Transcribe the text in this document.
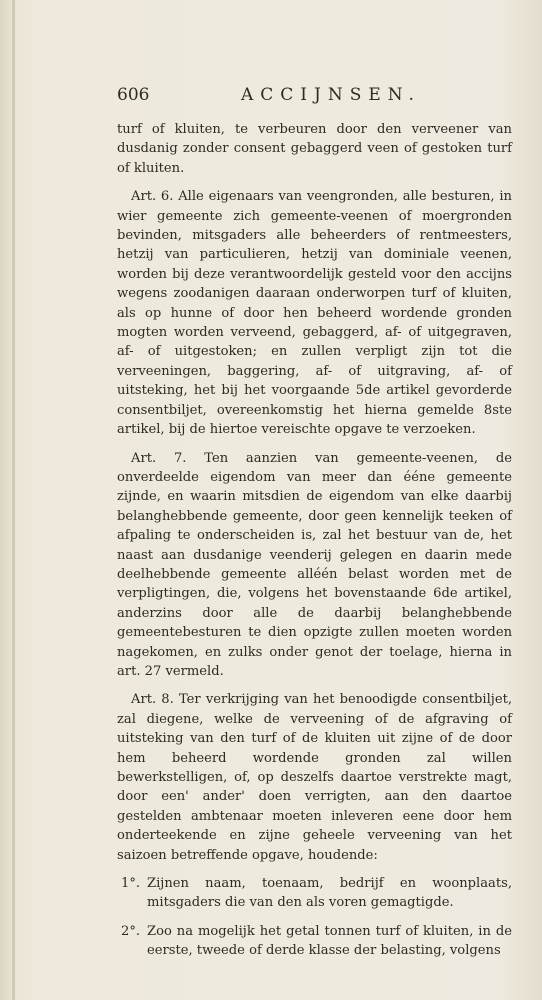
606	ACCIJNSEN.

turf of kluiten, te verbeuren door den verveener van dusdanig zonder consent gebaggerd veen of gestoken turf of kluiten.

Art. 6. Alle eigenaars van veengronden, alle besturen, in wier gemeente zich gemeente-veenen of moergronden bevinden, mitsgaders alle beheerders of rentmeesters, hetzij van particulieren, hetzij van dominiale veenen, worden bij deze verantwoordelijk gesteld voor den accijns wegens zoodanigen daaraan onderworpen turf of kluiten, als op hunne of door hen beheerd wordende gronden mogten worden verveend, gebaggerd, af- of uitgegraven, af- of uitgestoken; en zullen verpligt zijn tot die verveeningen, baggering, af- of uitgraving, af- of uitsteking, het bij het voorgaande 5de artikel gevorderde consentbiljet, overeenkomstig het hierna gemelde 8ste artikel, bij de hiertoe vereischte opgave te verzoeken.

Art. 7. Ten aanzien van gemeente-veenen, de onverdeelde eigendom van meer dan ééne gemeente zijnde, en waarin mitsdien de eigendom van elke daarbij belanghebbende gemeente, door geen kennelijk teeken of afpaling te onderscheiden is, zal het bestuur van de, het naast aan dusdanige veenderij gelegen en daarin mede deelhebbende gemeente alléén belast worden met de verpligtingen, die, volgens het bovenstaande 6de artikel, anderzins door alle de daarbij belanghebbende gemeentebesturen te dien opzigte zullen moeten worden nagekomen, en zulks onder genot der toelage, hierna in art. 27 vermeld.

Art. 8. Ter verkrijging van het benoodigde consentbiljet, zal diegene, welke de verveening of de afgraving of uitsteking van den turf of de kluiten uit zijne of de door hem beheerd wordende gronden zal willen bewerkstelligen, of, op deszelfs daartoe verstrekte magt, door een' ander' doen verrigten, aan den daartoe gestelden ambtenaar moeten inleveren eene door hem onderteekende en zijne geheele verveening van het saizoen betreffende opgave, houdende:

1°. Zijnen naam, toenaam, bedrijf en woonplaats, mitsgaders die van den als voren gemagtigde.
2°. Zoo na mogelijk het getal tonnen turf of kluiten, in de eerste, tweede of derde klasse der belasting, volgens
